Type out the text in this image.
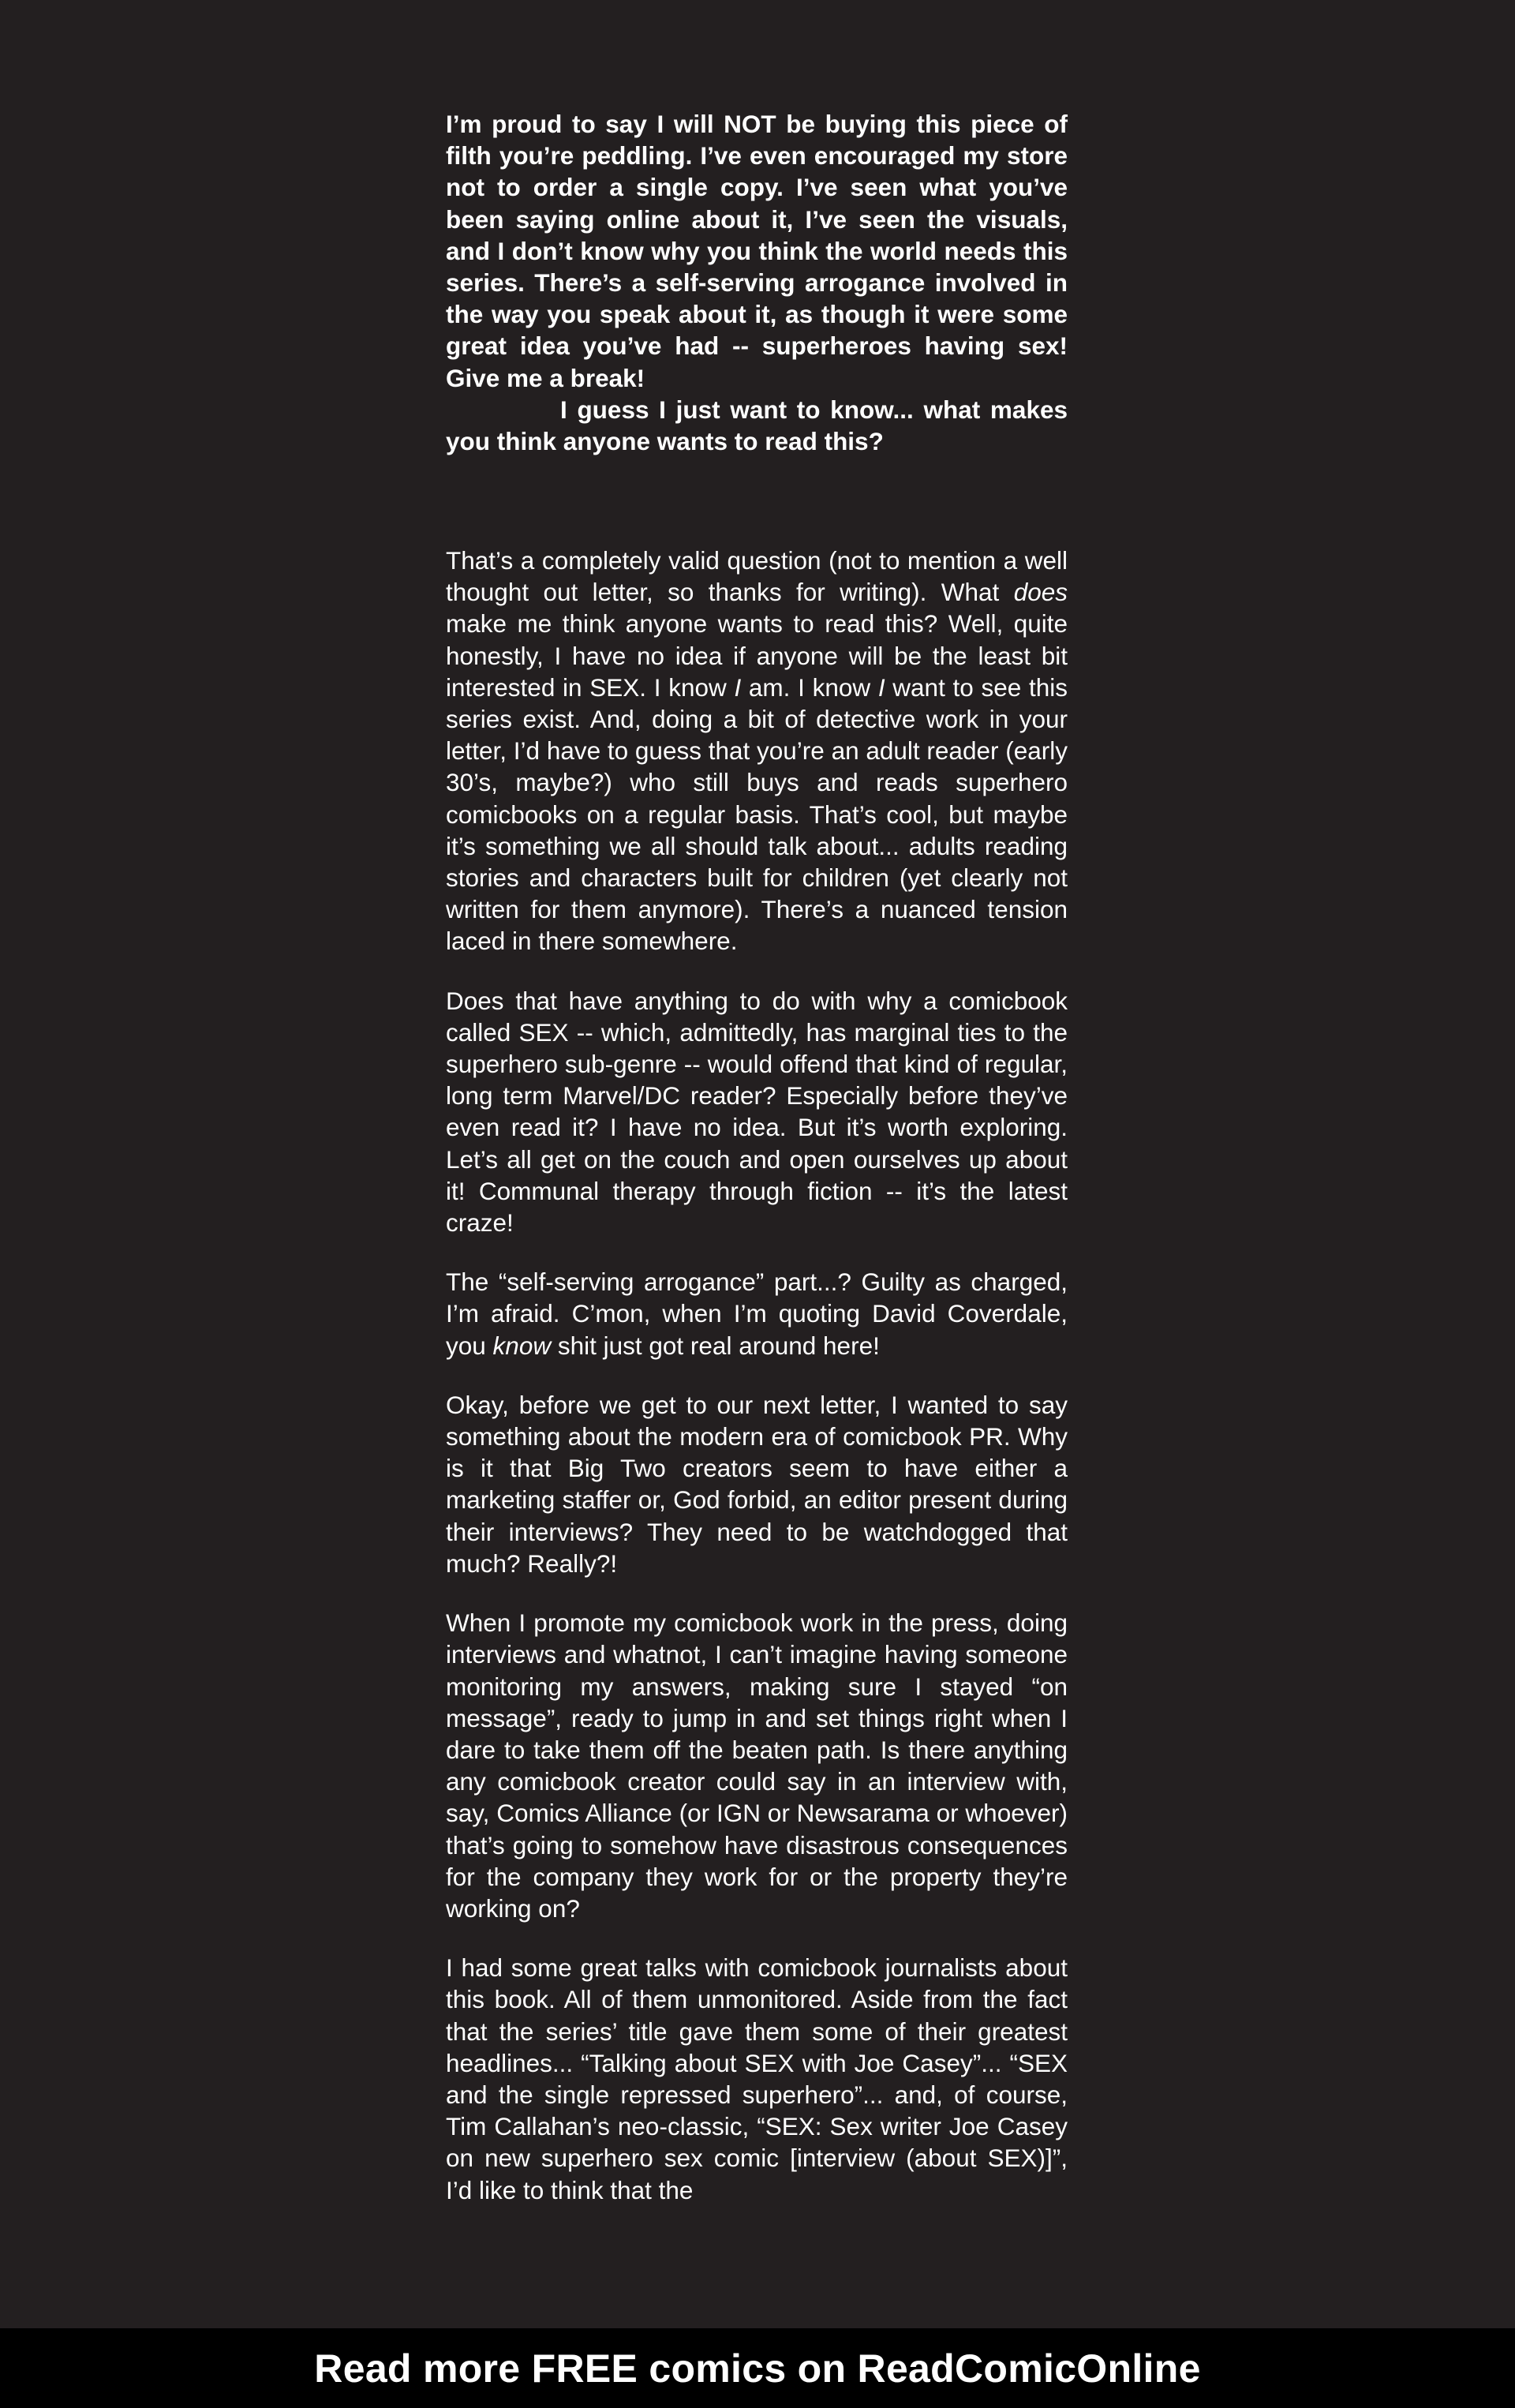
I’m proud to say I will NOT be buying this piece of filth you’re peddling. I’ve even encouraged my store not to order a single copy. I’ve seen what you’ve been saying online about it, I’ve seen the visuals, and I don’t know why you think the world needs this series. There’s a self-serving arrogance involved in the way you speak about it, as though it were some great idea you’ve had -- superheroes having sex! Give me a break!

I guess I just want to know... what makes you think anyone wants to read this?

That’s a completely valid question (not to mention a well thought out letter, so thanks for writing). What does make me think anyone wants to read this? Well, quite honestly, I have no idea if anyone will be the least bit interested in SEX. I know I am. I know I want to see this series exist. And, doing a bit of detective work in your letter, I’d have to guess that you’re an adult reader (early 30’s, maybe?) who still buys and reads superhero comicbooks on a regular basis. That’s cool, but maybe it’s something we all should talk about... adults reading stories and characters built for children (yet clearly not written for them anymore). There’s a nuanced tension laced in there somewhere.

Does that have anything to do with why a comicbook called SEX -- which, admittedly, has marginal ties to the superhero sub-genre -- would offend that kind of regular, long term Marvel/DC reader? Especially before they’ve even read it? I have no idea. But it’s worth exploring. Let’s all get on the couch and open ourselves up about it! Communal therapy through fiction -- it’s the latest craze!

The “self-serving arrogance” part...? Guilty as charged, I’m afraid. C’mon, when I’m quoting David Coverdale, you know shit just got real around here!

Okay, before we get to our next letter, I wanted to say something about the modern era of comicbook PR. Why is it that Big Two creators seem to have either a marketing staffer or, God forbid, an editor present during their interviews? They need to be watchdogged that much? Really?!

When I promote my comicbook work in the press, doing interviews and whatnot, I can’t imagine having someone monitoring my answers, making sure I stayed “on message”, ready to jump in and set things right when I dare to take them off the beaten path. Is there anything any comicbook creator could say in an interview with, say, Comics Alliance (or IGN or Newsarama or whoever) that’s going to somehow have disastrous consequences for the company they work for or the property they’re working on?

I had some great talks with comicbook journalists about this book. All of them unmonitored. Aside from the fact that the series’ title gave them some of their greatest headlines... “Talking about SEX with Joe Casey”... “SEX and the single repressed superhero”... and, of course, Tim Callahan’s neo-classic, “SEX: Sex writer Joe Casey on new superhero sex comic [interview (about SEX)]”, I’d like to think that the

Read more FREE comics on ReadComicOnline
